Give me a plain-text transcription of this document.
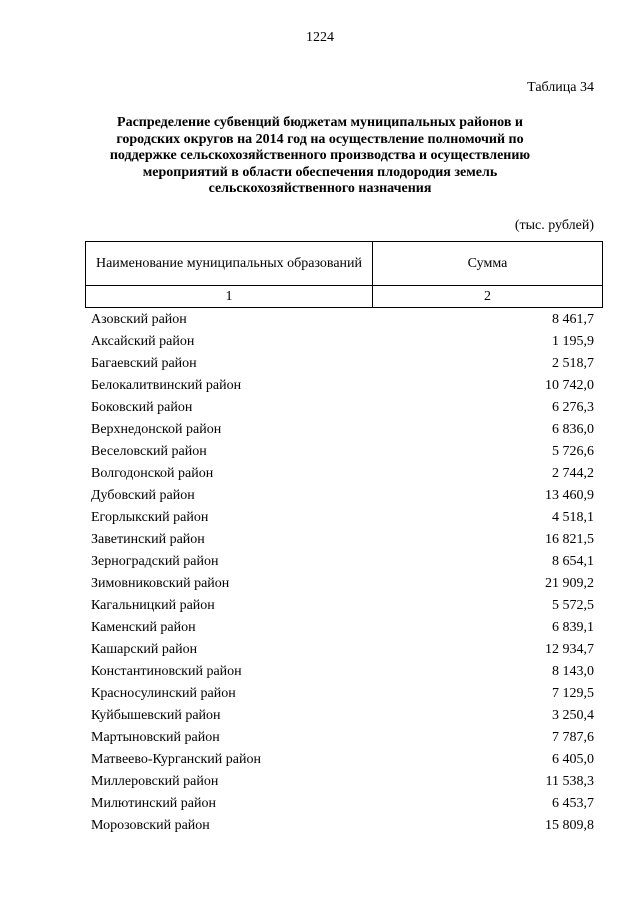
1224
Таблица 34
Распределение субвенций бюджетам муниципальных районов и городских округов на 2014 год на осуществление полномочий по поддержке сельскохозяйственного производства и осуществлению мероприятий в области обеспечения плодородия земель сельскохозяйственного назначения
(тыс. рублей)
Наименование муниципальных образований	Сумма
1	2
Азовский район	8 461,7
Аксайский район	1 195,9
Багаевский район	2 518,7
Белокалитвинский район	10 742,0
Боковский район	6 276,3
Верхнедонской район	6 836,0
Веселовский район	5 726,6
Волгодонской район	2 744,2
Дубовский район	13 460,9
Егорлыкский район	4 518,1
Заветинский район	16 821,5
Зерноградский район	8 654,1
Зимовниковский район	21 909,2
Кагальницкий район	5 572,5
Каменский район	6 839,1
Кашарский район	12 934,7
Константиновский район	8 143,0
Красносулинский район	7 129,5
Куйбышевский район	3 250,4
Мартыновский район	7 787,6
Матвеево-Курганский район	6 405,0
Миллеровский район	11 538,3
Милютинский район	6 453,7
Морозовский район	15 809,8
